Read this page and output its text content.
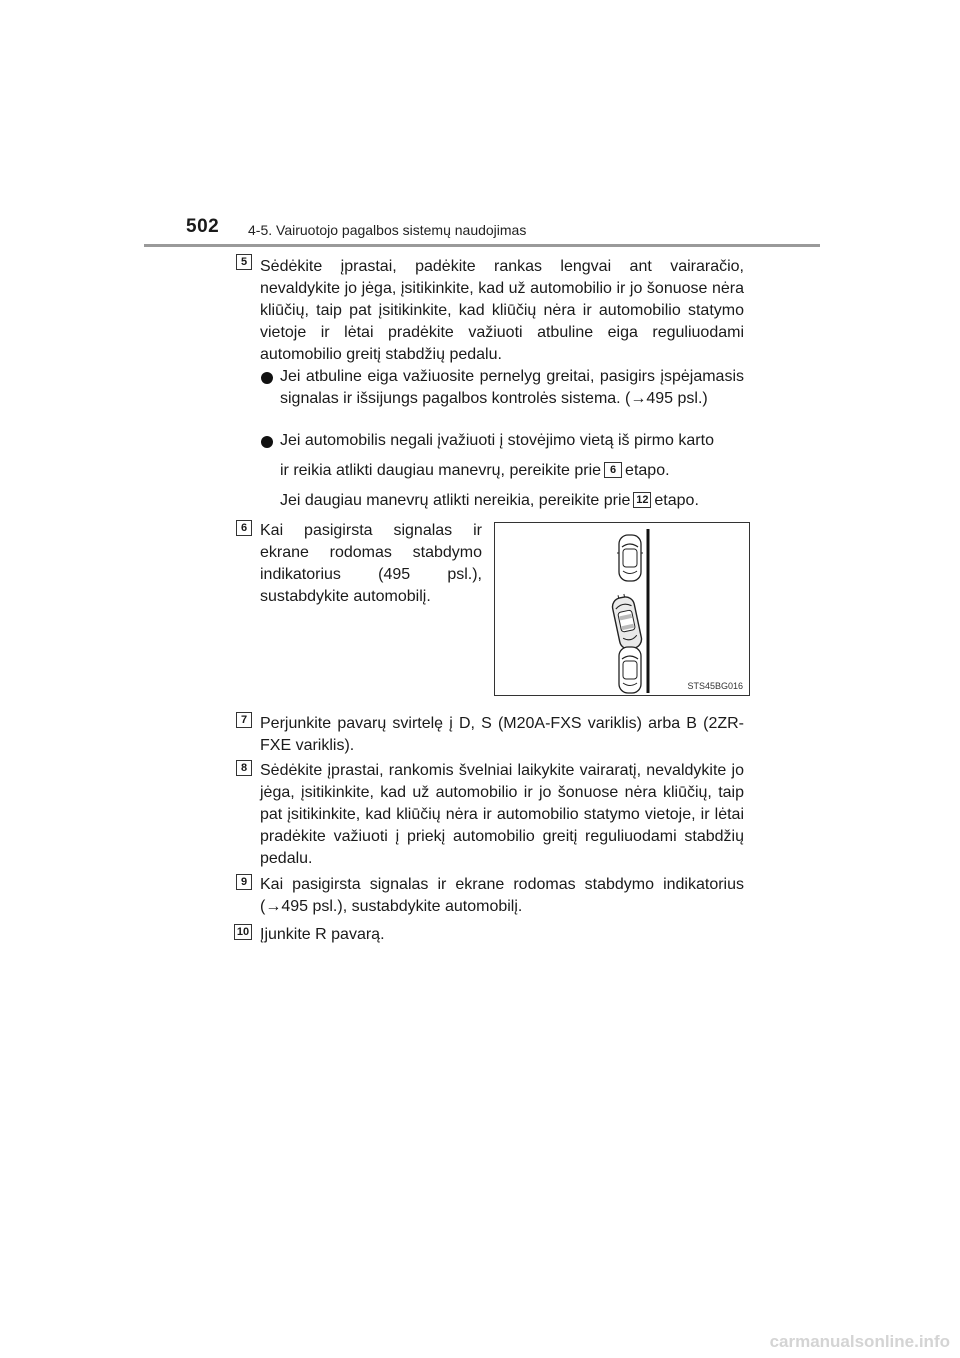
502 4-5. Vairuotojo pagalbos sistemų naudojimas
5 Sėdėkite įprastai, padėkite rankas lengvai ant vairaračio, nevaldykite jo jėga, įsitikinkite, kad už automobilio ir jo šonuose nėra kliūčių, taip pat įsitikinkite, kad kliūčių nėra ir automobilio statymo vietoje ir lėtai pradėkite važiuoti atbuline eiga reguliuodami automobilio greitį stabdžių pedalu.
Jei atbuline eiga važiuosite pernelyg greitai, pasigirs įspėjamasis signalas ir išsijungs pagalbos kontrolės sistema. (→495 psl.)
Jei automobilis negali įvažiuoti į stovėjimo vietą iš pirmo karto
ir reikia atlikti daugiau manevrų, pereikite prie 6 etapo.
Jei daugiau manevrų atlikti nereikia, pereikite prie 12 etapo.
6 Kai pasigirsta signalas ir ekrane rodomas stabdymo indikatorius (495 psl.), sustabdykite automobilį.
STS45BG016
7 Perjunkite pavarų svirtelę į D, S (M20A-FXS variklis) arba B (2ZR-FXE variklis).
8 Sėdėkite įprastai, rankomis švelniai laikykite vairaratį, nevaldykite jo jėga, įsitikinkite, kad už automobilio ir jo šonuose nėra kliūčių, taip pat įsitikinkite, kad kliūčių nėra ir automobilio statymo vietoje, ir lėtai pradėkite važiuoti į priekį automobilio greitį reguliuodami stabdžių pedalu.
9 Kai pasigirsta signalas ir ekrane rodomas stabdymo indikatorius (→495 psl.), sustabdykite automobilį.
10 Įjunkite R pavarą.
carmanualsonline.info
